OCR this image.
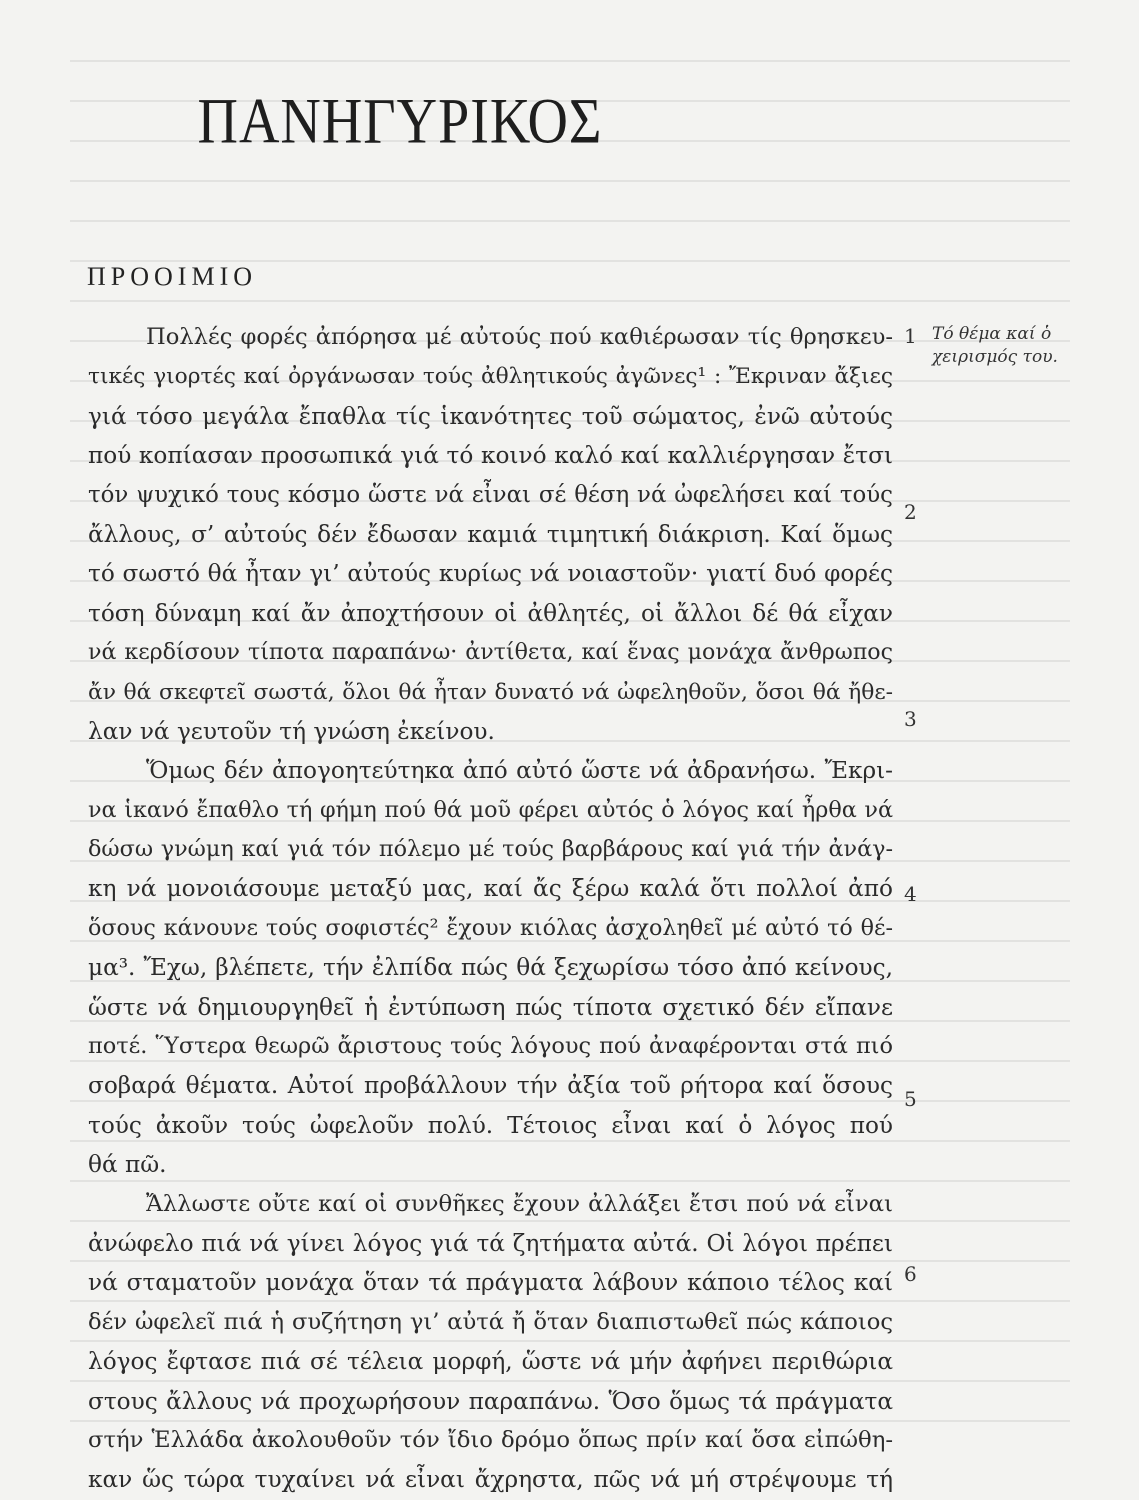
ΠΑΝΗΓΥΡΙΚΟΣ
ΠΡΟΟΙΜΙΟ
Πολλές φορές ἀπόρησα μέ αὐτούς πού καθιέρωσαν τίς θρησκευ-
τικές γιορτές καί ὀργάνωσαν τούς ἀθλητικούς ἀγῶνες¹ : Ἔκριναν ἄξιες
γιά τόσο μεγάλα ἔπαθλα τίς ἱκανότητες τοῦ σώματος, ἐνῶ αὐτούς
πού κοπίασαν προσωπικά γιά τό κοινό καλό καί καλλιέργησαν ἔτσι
τόν ψυχικό τους κόσμο ὥστε νά εἶναι σέ θέση νά ὠφελήσει καί τούς
ἄλλους, σ’ αὐτούς δέν ἔδωσαν καμιά τιμητική διάκριση. Καί ὅμως
τό σωστό θά ἦταν γι’ αὐτούς κυρίως νά νοιαστοῦν· γιατί δυό φορές
τόση δύναμη καί ἄν ἀποχτήσουν οἱ ἀθλητές, οἱ ἄλλοι δέ θά εἶχαν
νά κερδίσουν τίποτα παραπάνω· ἀντίθετα, καί ἕνας μονάχα ἄνθρωπος
ἄν θά σκεφτεῖ σωστά, ὅλοι θά ἦταν δυνατό νά ὠφεληθοῦν, ὅσοι θά ἤθε-
λαν νά γευτοῦν τή γνώση ἐκείνου.
Ὅμως δέν ἀπογοητεύτηκα ἀπό αὐτό ὥστε νά ἀδρανήσω. Ἔκρι-
να ἱκανό ἔπαθλο τή φήμη πού θά μοῦ φέρει αὐτός ὁ λόγος καί ἦρθα νά
δώσω γνώμη καί γιά τόν πόλεμο μέ τούς βαρβάρους καί γιά τήν ἀνάγ-
κη νά μονοιάσουμε μεταξύ μας, καί ἄς ξέρω καλά ὅτι πολλοί ἀπό
ὅσους κάνουνε τούς σοφιστές² ἔχουν κιόλας ἀσχοληθεῖ μέ αὐτό τό θέ-
μα³. Ἔχω, βλέπετε, τήν ἐλπίδα πώς θά ξεχωρίσω τόσο ἀπό κείνους,
ὥστε νά δημιουργηθεῖ ἡ ἐντύπωση πώς τίποτα σχετικό δέν εἴπανε
ποτέ. Ὕστερα θεωρῶ ἄριστους τούς λόγους πού ἀναφέρονται στά πιό
σοβαρά θέματα. Αὐτοί προβάλλουν τήν ἀξία τοῦ ρήτορα καί ὅσους
τούς ἀκοῦν τούς ὠφελοῦν πολύ. Τέτοιος εἶναι καί ὁ λόγος πού
θά πῶ.
Ἄλλωστε οὔτε καί οἱ συνθῆκες ἔχουν ἀλλάξει ἔτσι πού νά εἶναι
ἀνώφελο πιά νά γίνει λόγος γιά τά ζητήματα αὐτά. Οἱ λόγοι πρέπει
νά σταματοῦν μονάχα ὅταν τά πράγματα λάβουν κάποιο τέλος καί
δέν ὠφελεῖ πιά ἡ συζήτηση γι’ αὐτά ἤ ὅταν διαπιστωθεῖ πώς κάποιος
λόγος ἔφτασε πιά σέ τέλεια μορφή, ὥστε νά μήν ἀφήνει περιθώρια
στους ἄλλους νά προχωρήσουν παραπάνω. Ὅσο ὅμως τά πράγματα
στήν Ἑλλάδα ἀκολουθοῦν τόν ἴδιο δρόμο ὅπως πρίν καί ὅσα εἰπώθη-
καν ὥς τώρα τυχαίνει νά εἶναι ἄχρηστα, πῶς νά μή στρέψουμε τή
1
2
3
4
5
6
Τό θέμα καί ὁ χειρισμός του.
